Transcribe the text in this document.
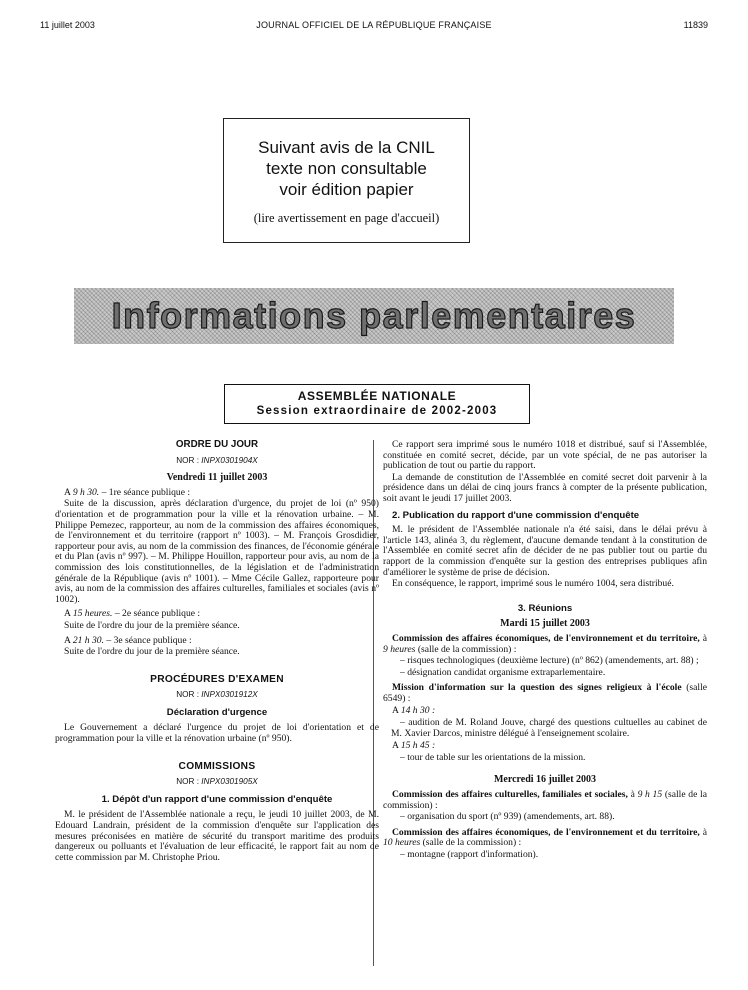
11 juillet 2003	JOURNAL OFFICIEL DE LA RÉPUBLIQUE FRANÇAISE	11839
Suivant avis de la CNIL
texte non consultable
voir édition papier
(lire avertissement en page d'accueil)
Informations parlementaires
ASSEMBLÉE NATIONALE
Session extraordinaire de 2002-2003
ORDRE DU JOUR
NOR : INPX0301904X
Vendredi 11 juillet 2003

A 9 h 30. – 1re séance publique :

Suite de la discussion, après déclaration d'urgence, du projet de loi (nº 950) d'orientation et de programmation pour la ville et la rénovation urbaine. – M. Philippe Pemezec, rapporteur, au nom de la commission des affaires économiques, de l'environnement et du territoire (rapport nº 1003). – M. François Grosdidier, rapporteur pour avis, au nom de la commission des finances, de l'économie générale et du Plan (avis nº 997). – M. Philippe Houillon, rapporteur pour avis, au nom de la commission des lois constitutionnelles, de la législation et de l'administration générale de la République (avis nº 1001). – Mme Cécile Gallez, rapporteure pour avis, au nom de la commission des affaires culturelles, familiales et sociales (avis nº 1002).

A 15 heures. – 2e séance publique :

Suite de l'ordre du jour de la première séance.

A 21 h 30. – 3e séance publique :

Suite de l'ordre du jour de la première séance.

PROCÉDURES D'EXAMEN
NOR : INPX0301912X
Déclaration d'urgence

Le Gouvernement a déclaré l'urgence du projet de loi d'orientation et de programmation pour la ville et la rénovation urbaine (nº 950).

COMMISSIONS
NOR : INPX0301905X
1. Dépôt d'un rapport d'une commission d'enquête

M. le président de l'Assemblée nationale a reçu, le jeudi 10 juillet 2003, de M. Edouard Landrain, président de la commission d'enquête sur l'application des mesures préconisées en matière de sécurité du transport maritime des produits dangereux ou polluants et l'évaluation de leur efficacité, le rapport fait au nom de cette commission par M. Christophe Priou.

Ce rapport sera imprimé sous le numéro 1018 et distribué, sauf si l'Assemblée, constituée en comité secret, décide, par un vote spécial, de ne pas autoriser la publication de tout ou partie du rapport.

La demande de constitution de l'Assemblée en comité secret doit parvenir à la présidence dans un délai de cinq jours francs à compter de la présente publication, soit avant le jeudi 17 juillet 2003.

2. Publication du rapport d'une commission d'enquête

M. le président de l'Assemblée nationale n'a été saisi, dans le délai prévu à l'article 143, alinéa 3, du règlement, d'aucune demande tendant à la constitution de l'Assemblée en comité secret afin de décider de ne pas publier tout ou partie du rapport de la commission d'enquête sur la gestion des entreprises publiques afin d'améliorer le système de prise de décision.

En conséquence, le rapport, imprimé sous le numéro 1004, sera distribué.

3. Réunions
Mardi 15 juillet 2003

Commission des affaires économiques, de l'environnement et du territoire, à 9 heures (salle de la commission) :

– risques technologiques (deuxième lecture) (nº 862) (amendements, art. 88) ;

– désignation candidat organisme extraparlementaire.

Mission d'information sur la question des signes religieux à l'école (salle 6549) :

A 14 h 30 :

– audition de M. Roland Jouve, chargé des questions cultuelles au cabinet de M. Xavier Darcos, ministre délégué à l'enseignement scolaire.

A 15 h 45 :

– tour de table sur les orientations de la mission.

Mercredi 16 juillet 2003

Commission des affaires culturelles, familiales et sociales, à 9 h 15 (salle de la commission) :

– organisation du sport (nº 939) (amendements, art. 88).

Commission des affaires économiques, de l'environnement et du territoire, à 10 heures (salle de la commission) :

– montagne (rapport d'information).
